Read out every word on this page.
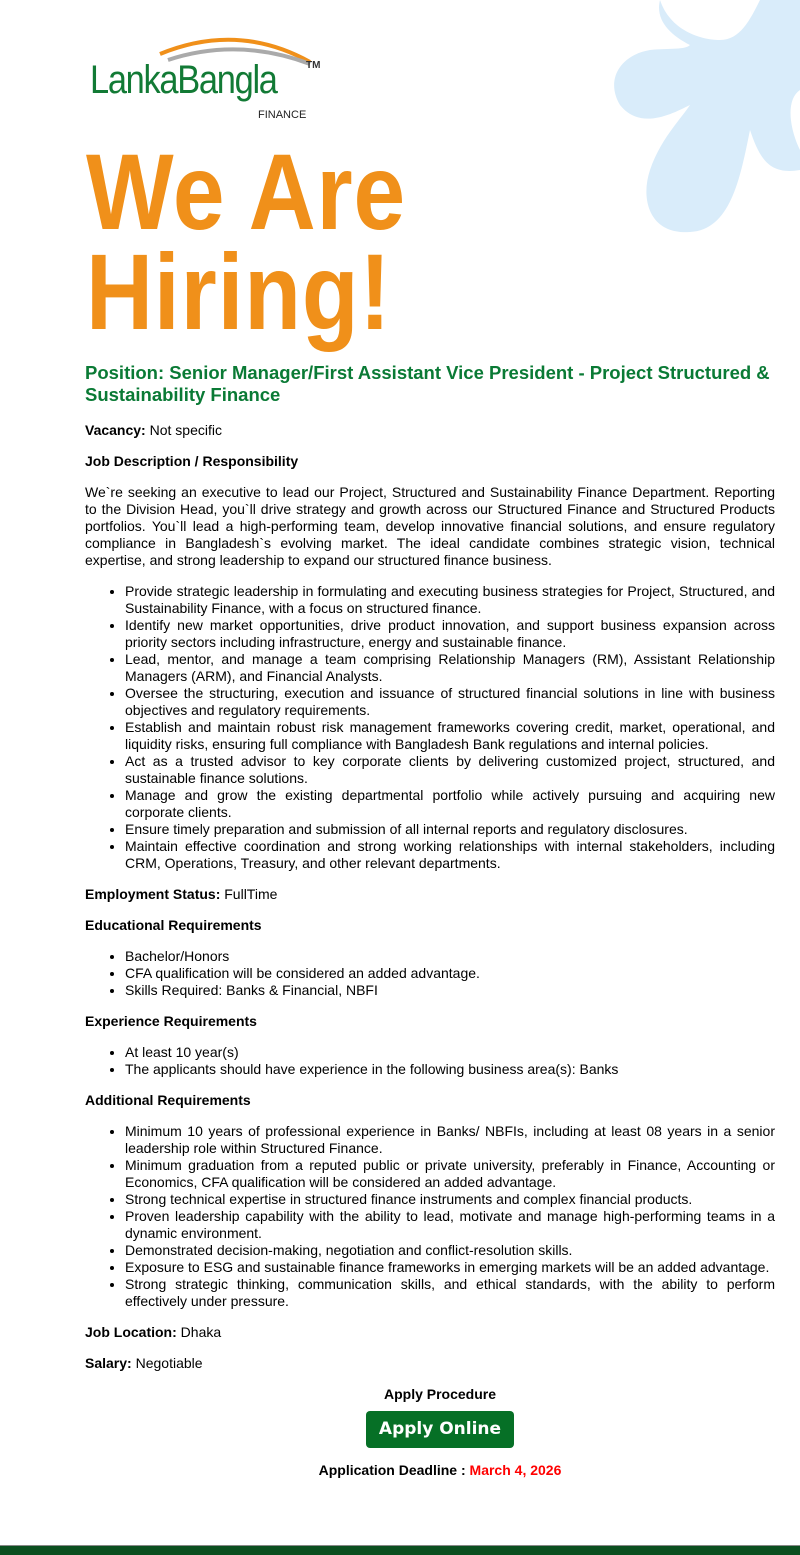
LankaBangla	TM
FINANCE
We Are
Hiring!
Position: Senior Manager/First Assistant Vice President - Project Structured & Sustainability Finance

Vacancy: Not specific

Job Description / Responsibility

We`re seeking an executive to lead our Project, Structured and Sustainability Finance Department. Reporting to the Division Head, you`ll drive strategy and growth across our Structured Finance and Structured Products portfolios. You`ll lead a high-performing team, develop innovative financial solutions, and ensure regulatory compliance in Bangladesh`s evolving market. The ideal candidate combines strategic vision, technical expertise, and strong leadership to expand our structured finance business.

• Provide strategic leadership in formulating and executing business strategies for Project, Structured, and Sustainability Finance, with a focus on structured finance.
• Identify new market opportunities, drive product innovation, and support business expansion across priority sectors including infrastructure, energy and sustainable finance.
• Lead, mentor, and manage a team comprising Relationship Managers (RM), Assistant Relationship Managers (ARM), and Financial Analysts.
• Oversee the structuring, execution and issuance of structured financial solutions in line with business objectives and regulatory requirements.
• Establish and maintain robust risk management frameworks covering credit, market, operational, and liquidity risks, ensuring full compliance with Bangladesh Bank regulations and internal policies.
• Act as a trusted advisor to key corporate clients by delivering customized project, structured, and sustainable finance solutions.
• Manage and grow the existing departmental portfolio while actively pursuing and acquiring new corporate clients.
• Ensure timely preparation and submission of all internal reports and regulatory disclosures.
• Maintain effective coordination and strong working relationships with internal stakeholders, including CRM, Operations, Treasury, and other relevant departments.

Employment Status: FullTime

Educational Requirements

• Bachelor/Honors
• CFA qualification will be considered an added advantage.
• Skills Required: Banks & Financial, NBFI

Experience Requirements

• At least 10 year(s)
• The applicants should have experience in the following business area(s): Banks

Additional Requirements

• Minimum 10 years of professional experience in Banks/ NBFIs, including at least 08 years in a senior leadership role within Structured Finance.
• Minimum graduation from a reputed public or private university, preferably in Finance, Accounting or Economics, CFA qualification will be considered an added advantage.
• Strong technical expertise in structured finance instruments and complex financial products.
• Proven leadership capability with the ability to lead, motivate and manage high-performing teams in a dynamic environment.
• Demonstrated decision-making, negotiation and conflict-resolution skills.
• Exposure to ESG and sustainable finance frameworks in emerging markets will be an added advantage.
• Strong strategic thinking, communication skills, and ethical standards, with the ability to perform effectively under pressure.

Job Location: Dhaka

Salary: Negotiable

Apply Procedure
Apply Online
Application Deadline : March 4, 2026
